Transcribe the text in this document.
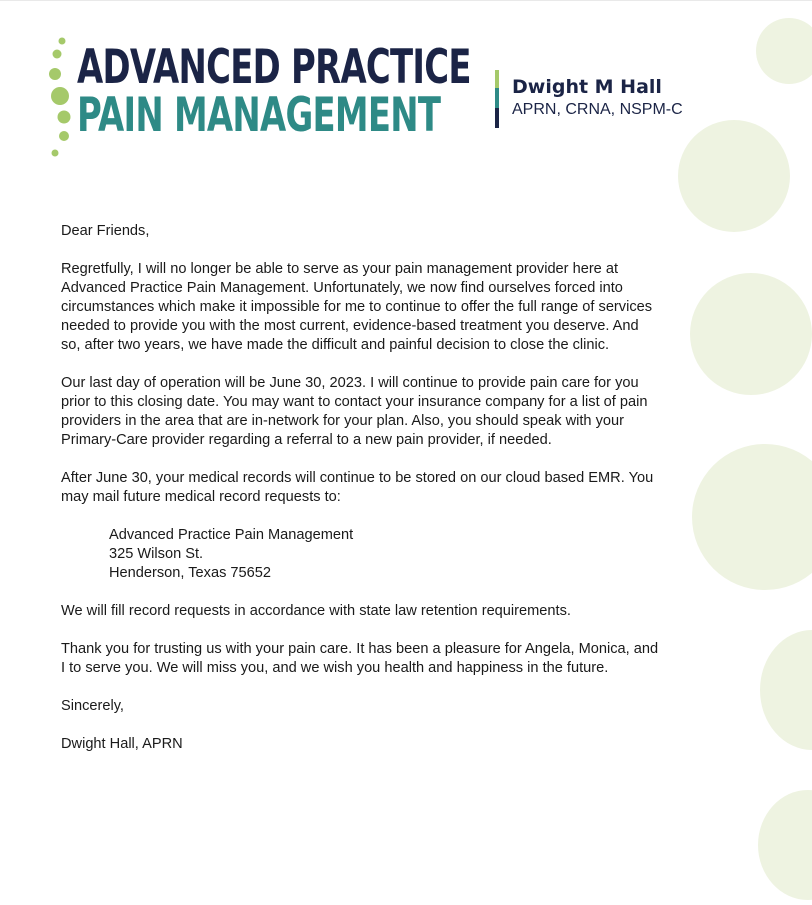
ADVANCED PRACTICE
PAIN MANAGEMENT
Dwight M Hall
APRN, CRNA, NSPM-C

Dear Friends,

Regretfully, I will no longer be able to serve as your pain management provider here at Advanced Practice Pain Management. Unfortunately, we now find ourselves forced into circumstances which make it impossible for me to continue to offer the full range of services needed to provide you with the most current, evidence-based treatment you deserve. And so, after two years, we have made the difficult and painful decision to close the clinic.

Our last day of operation will be June 30, 2023. I will continue to provide pain care for you prior to this closing date. You may want to contact your insurance company for a list of pain providers in the area that are in-network for your plan. Also, you should speak with your Primary-Care provider regarding a referral to a new pain provider, if needed.

After June 30, your medical records will continue to be stored on our cloud based EMR. You may mail future medical record requests to:

Advanced Practice Pain Management
325 Wilson St.
Henderson, Texas 75652

We will fill record requests in accordance with state law retention requirements.

Thank you for trusting us with your pain care. It has been a pleasure for Angela, Monica, and I to serve you. We will miss you, and we wish you health and happiness in the future.

Sincerely,

Dwight Hall, APRN
